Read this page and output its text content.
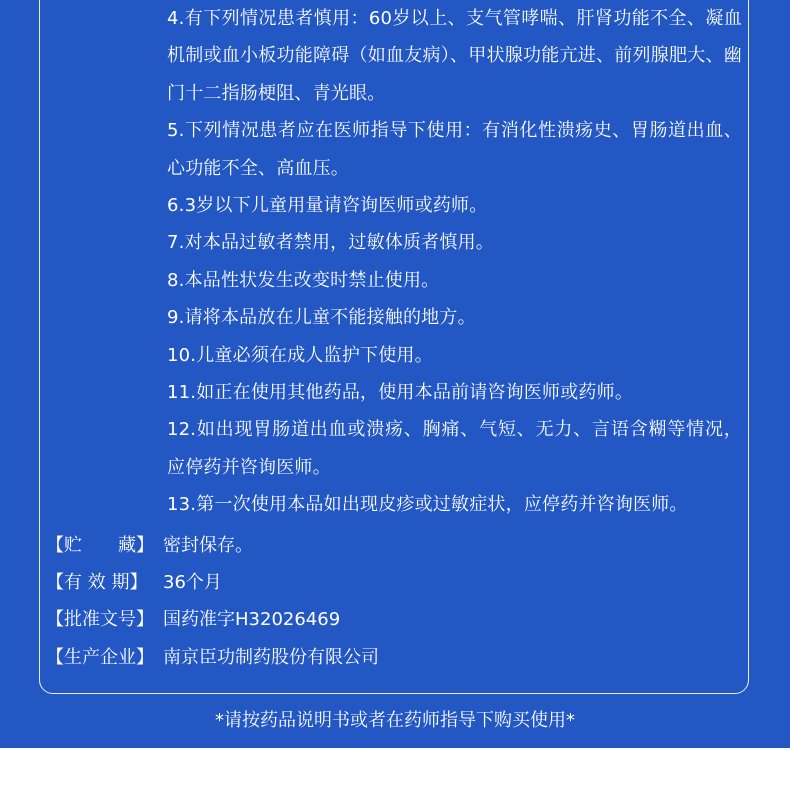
4.有下列情况患者慎用：60岁以上、支气管哮喘、肝肾功能不全、凝血机制或血小板功能障碍（如血友病）、甲状腺功能亢进、前列腺肥大、幽门十二指肠梗阻、青光眼。
5.下列情况患者应在医师指导下使用：有消化性溃疡史、胃肠道出血、心功能不全、高血压。
6.3岁以下儿童用量请咨询医师或药师。
7.对本品过敏者禁用，过敏体质者慎用。
8.本品性状发生改变时禁止使用。
9.请将本品放在儿童不能接触的地方。
10.儿童必须在成人监护下使用。
11.如正在使用其他药品，使用本品前请咨询医师或药师。
12.如出现胃肠道出血或溃疡、胸痛、气短、无力、言语含糊等情况，应停药并咨询医师。
13.第一次使用本品如出现皮疹或过敏症状，应停药并咨询医师。
【贮　　藏】 密封保存。
【有 效 期】 36个月
【批准文号】 国药准字H32026469
【生产企业】 南京臣功制药股份有限公司
*请按药品说明书或者在药师指导下购买使用*
